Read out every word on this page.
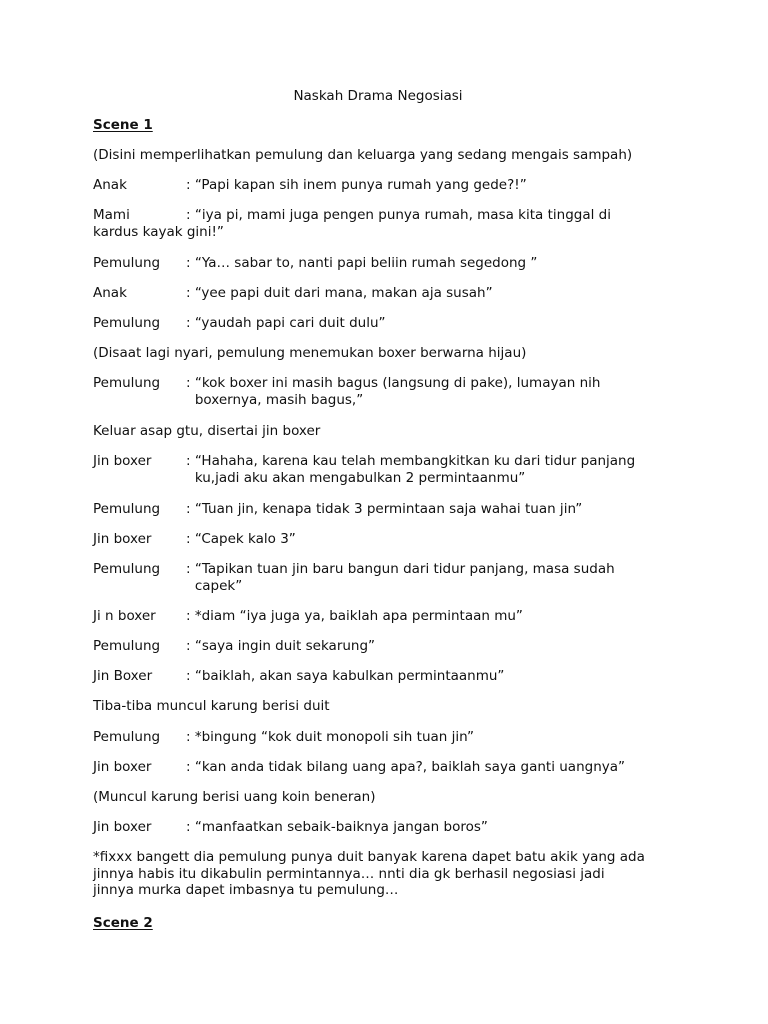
Naskah Drama Negosiasi
Scene 1
(Disini memperlihatkan pemulung dan keluarga yang sedang mengais sampah)
Anak	: “Papi kapan sih inem punya rumah yang gede?!”
Mami	: “iya pi, mami juga pengen punya rumah, masa kita tinggal di
kardus kayak gini!”
Pemulung	: “Ya… sabar to, nanti papi beliin rumah segedong ”
Anak	: “yee papi duit dari mana, makan aja susah”
Pemulung	: “yaudah papi cari duit dulu”
(Disaat lagi nyari, pemulung menemukan boxer berwarna hijau)
Pemulung	: “kok boxer ini masih bagus (langsung di pake), lumayan nih
boxernya, masih bagus,”
Keluar asap gtu, disertai jin boxer
Jin boxer	: “Hahaha, karena kau telah membangkitkan ku dari tidur panjang
ku,jadi aku akan mengabulkan 2 permintaanmu”
Pemulung	: “Tuan jin, kenapa tidak 3 permintaan saja wahai tuan jin”
Jin boxer	: “Capek kalo 3”
Pemulung	: “Tapikan tuan jin baru bangun dari tidur panjang, masa sudah
capek”
Ji n boxer	: *diam “iya juga ya, baiklah apa permintaan mu”
Pemulung	: “saya ingin duit sekarung”
Jin Boxer	: “baiklah, akan saya kabulkan permintaanmu”
Tiba-tiba muncul karung berisi duit
Pemulung	: *bingung “kok duit monopoli sih tuan jin”
Jin boxer	: “kan anda tidak bilang uang apa?, baiklah saya ganti uangnya”
(Muncul karung berisi uang koin beneran)
Jin boxer	: “manfaatkan sebaik-baiknya jangan boros”
*fixxx bangett dia pemulung punya duit banyak karena dapet batu akik yang ada
jinnya habis itu dikabulin permintannya… nnti dia gk berhasil negosiasi jadi
jinnya murka dapet imbasnya tu pemulung…
Scene 2
